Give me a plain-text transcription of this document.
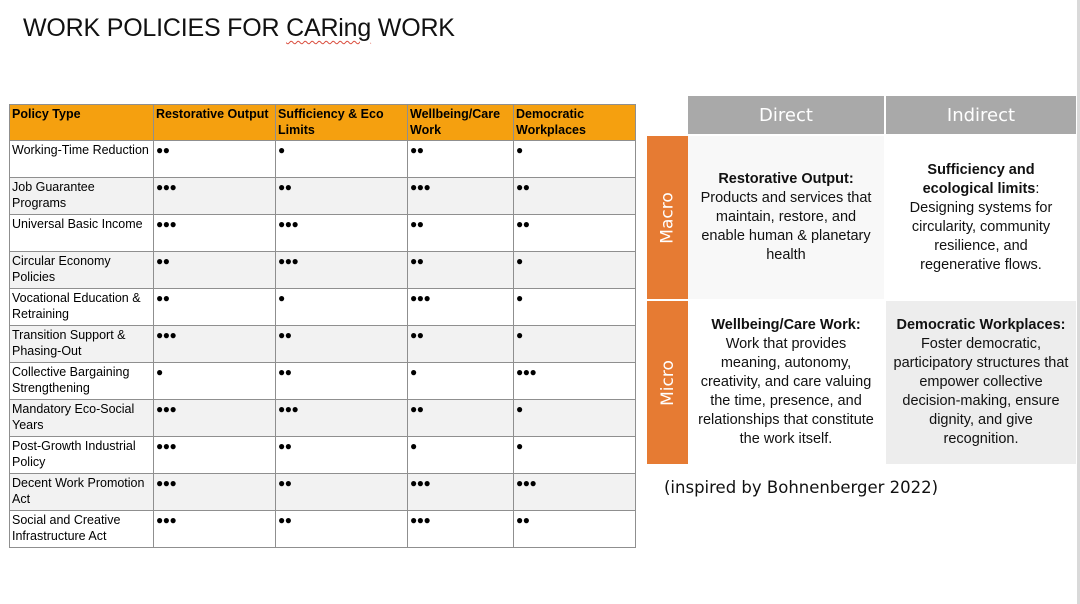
WORK POLICIES FOR CARing WORK
Policy Type	Restorative Output	Sufficiency & Eco Limits	Wellbeing/Care Work	Democratic Workplaces
Working-Time Reduction	●●	●	●●	●
Job Guarantee Programs	●●●	●●	●●●	●●
Universal Basic Income	●●●	●●●	●●	●●
Circular Economy Policies	●●	●●●	●●	●
Vocational Education & Retraining	●●	●	●●●	●
Transition Support & Phasing-Out	●●●	●●	●●	●
Collective Bargaining Strengthening	●	●●	●	●●●
Mandatory Eco-Social Years	●●●	●●●	●●	●
Post-Growth Industrial Policy	●●●	●●	●	●
Decent Work Promotion Act	●●●	●●	●●●	●●●
Social and Creative Infrastructure Act	●●●	●●	●●●	●●
Direct	Indirect
Macro
Micro
Restorative Output:
Products and services that maintain, restore, and enable human & planetary health
Sufficiency and ecological limits: Designing systems for circularity, community resilience, and regenerative flows.
Wellbeing/Care Work:
Work that provides meaning, autonomy, creativity, and care valuing the time, presence, and relationships that constitute the work itself.
Democratic Workplaces:
Foster democratic, participatory structures that empower collective decision-making, ensure dignity, and give recognition.
(inspired by Bohnenberger 2022)
